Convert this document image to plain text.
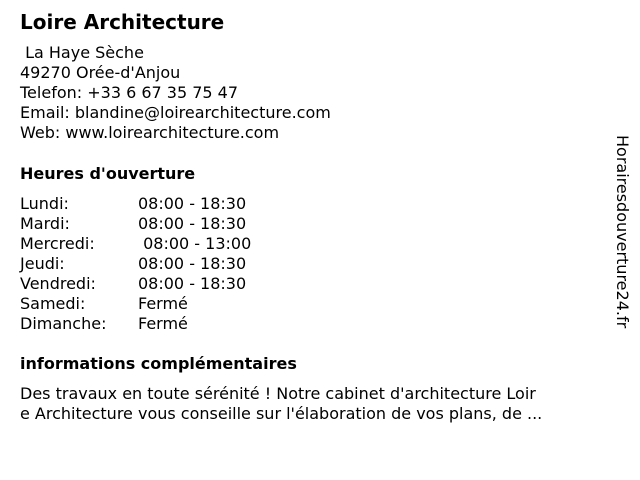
Loire Architecture
La Haye Sèche
49270 Orée-d'Anjou
Telefon: +33 6 67 35 75 47
Email: blandine@loirearchitecture.com
Web: www.loirearchitecture.com
Heures d'ouverture
Lundi:	08:00 - 18:30
Mardi:	08:00 - 18:30
Mercredi:	08:00 - 13:00
Jeudi:	08:00 - 18:30
Vendredi:	08:00 - 18:30
Samedi:	Fermé
Dimanche:	Fermé
informations complémentaires
Des travaux en toute sérénité ! Notre cabinet d'architecture Loir
e Architecture vous conseille sur l'élaboration de vos plans, de ...
Horairesdouverture24.fr
